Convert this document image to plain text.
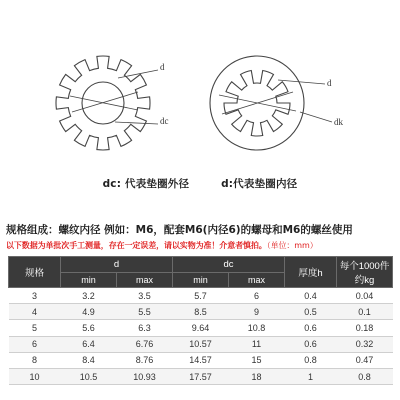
d
dc
d
dk
dc: 代表垫圈外径	d:代表垫圈内径
规格组成：螺纹内径 例如：M6，配套M6(内径6)的螺母和M6的螺丝使用
以下数据为单批次手工测量，存在一定误差，请以实物为准！介意者慎拍。（单位：mm）
规格	d		dc		厚度h	每个1000件约kg
	min	max	min	max		
3	3.2	3.5	5.7	6	0.4	0.04
4	4.9	5.5	8.5	9	0.5	0.1
5	5.6	6.3	9.64	10.8	0.6	0.18
6	6.4	6.76	10.57	11	0.6	0.32
8	8.4	8.76	14.57	15	0.8	0.47
10	10.5	10.93	17.57	18	1	0.8
